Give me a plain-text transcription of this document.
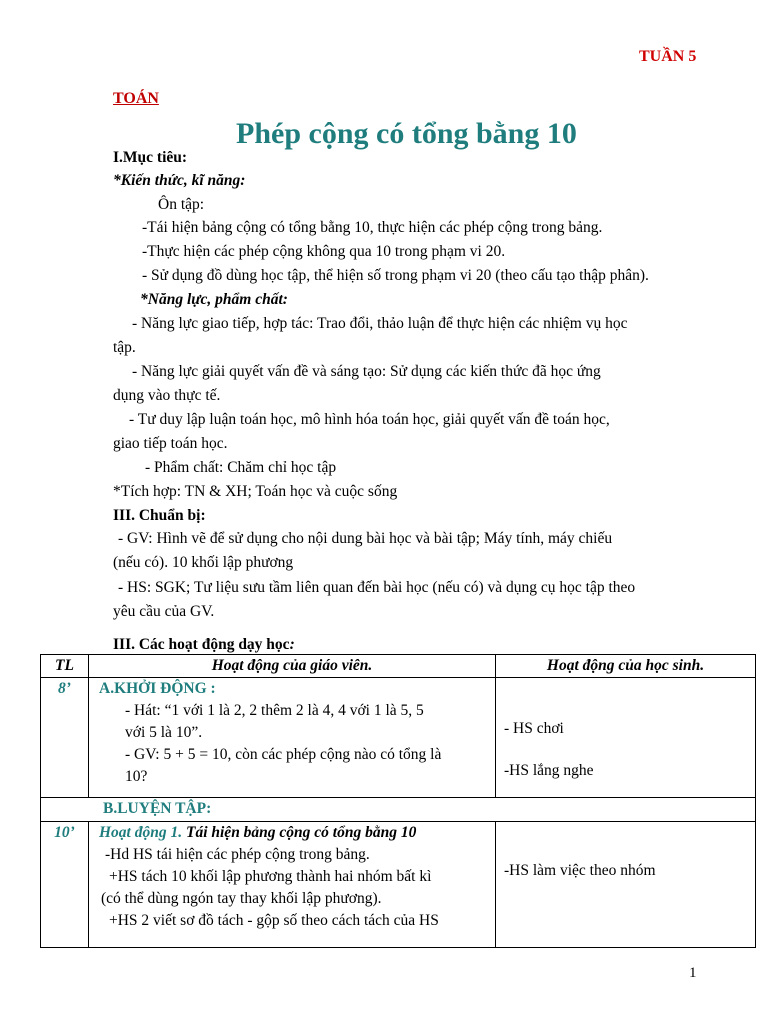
TUẦN 5
TOÁN
Phép cộng có tổng bằng 10
I.Mục tiêu:
*Kiến thức, kĩ năng:
Ôn tập:
-Tái hiện bảng cộng có tổng bằng 10, thực hiện các phép cộng trong bảng.
-Thực hiện các phép cộng không qua 10 trong phạm vi 20.
- Sử dụng đồ dùng học tập, thể hiện số trong phạm vi 20 (theo cấu tạo thập phân).
*Năng lực, phẩm chất:
- Năng lực giao tiếp, hợp tác: Trao đổi, thảo luận để thực hiện các nhiệm vụ học
tập.
- Năng lực giải quyết vấn đề và sáng tạo: Sử dụng các kiến thức đã học ứng
dụng vào thực tế.
- Tư duy lập luận toán học, mô hình hóa toán học, giải quyết vấn đề toán học,
giao tiếp toán học.
- Phẩm chất: Chăm chỉ học tập
*Tích hợp: TN & XH; Toán học và cuộc sống
III. Chuẩn bị:
- GV: Hình vẽ để sử dụng cho nội dung bài học và bài tập; Máy tính, máy chiếu
(nếu có). 10 khối lập phương
- HS: SGK; Tư liệu sưu tầm liên quan đến bài học (nếu có) và dụng cụ học tập theo
yêu cầu của GV.
III. Các hoạt động dạy học:
TL	Hoạt động của giáo viên.	Hoạt động của học sinh.
8’	A.KHỞI ĐỘNG :
- Hát: “1 với 1 là 2, 2 thêm 2 là 4, 4 với 1 là 5, 5
với 5 là 10”.
- GV: 5 + 5 = 10, còn các phép cộng nào có tổng là
10?	- HS chơi
-HS lắng nghe

B.LUYỆN TẬP:		
10’	Hoạt động 1. Tái hiện bảng cộng có tổng bằng 10
-Hd HS tái hiện các phép cộng trong bảng.
+HS tách 10 khối lập phương thành hai nhóm bất kì
(có thể dùng ngón tay thay khối lập phương).
+HS 2 viết sơ đồ tách - gộp số theo cách tách của HS	-HS làm việc theo nhóm
1
